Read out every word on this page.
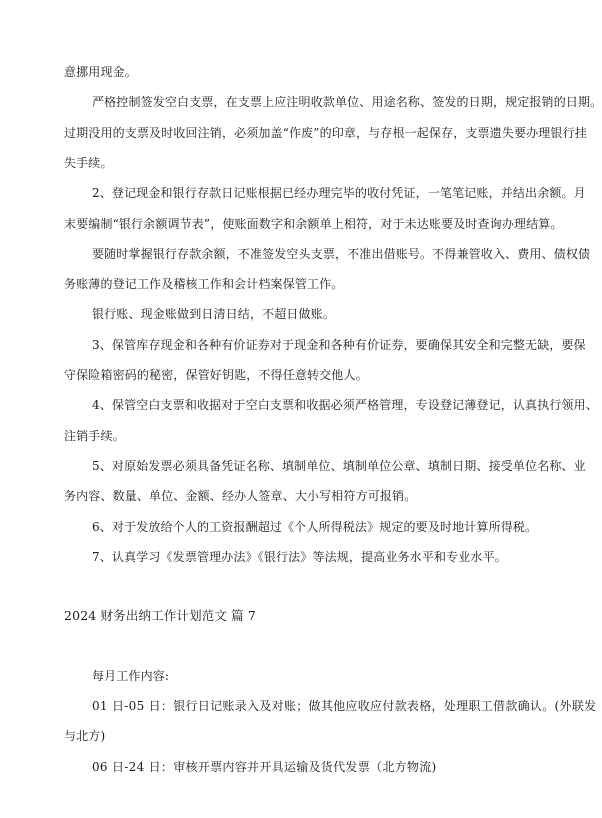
意挪用现金。
严格控制签发空白支票，在支票上应注明收款单位、用途名称、签发的日期，规定报销的日期。
过期没用的支票及时收回注销，必须加盖“作废”的印章，与存根一起保存，支票遗失要办理银行挂
失手续。
2、登记现金和银行存款日记账根据已经办理完毕的收付凭证，一笔笔记账，并结出余额。月
末要编制“银行余额调节表”，使账面数字和余额单上相符，对于未达账要及时查询办理结算。
要随时掌握银行存款余额，不准签发空头支票，不准出借账号。不得兼管收入、费用、债权债
务账薄的登记工作及稽核工作和会计档案保管工作。
银行账、现金账做到日清日结，不超日做账。
3、保管库存现金和各种有价证券对于现金和各种有价证券，要确保其安全和完整无缺，要保
守保险箱密码的秘密，保管好钥匙，不得任意转交他人。
4、保管空白支票和收据对于空白支票和收据必须严格管理，专设登记薄登记，认真执行领用、
注销手续。
5、对原始发票必须具备凭证名称、填制单位、填制单位公章、填制日期、接受单位名称、业
务内容、数量、单位、金额、经办人签章、大小写相符方可报销。
6、对于发放给个人的工资报酬超过《个人所得税法》规定的要及时地计算所得税。
7、认真学习《发票管理办法》《银行法》等法规，提高业务水平和专业水平。
2024 财务出纳工作计划范文 篇 7
每月工作内容:
01 日-05 日：银行日记账录入及对账；做其他应收应付款表格，处理职工借款确认。(外联发
与北方)
06 日-24 日：审核开票内容并开具运输及货代发票（北方物流)
